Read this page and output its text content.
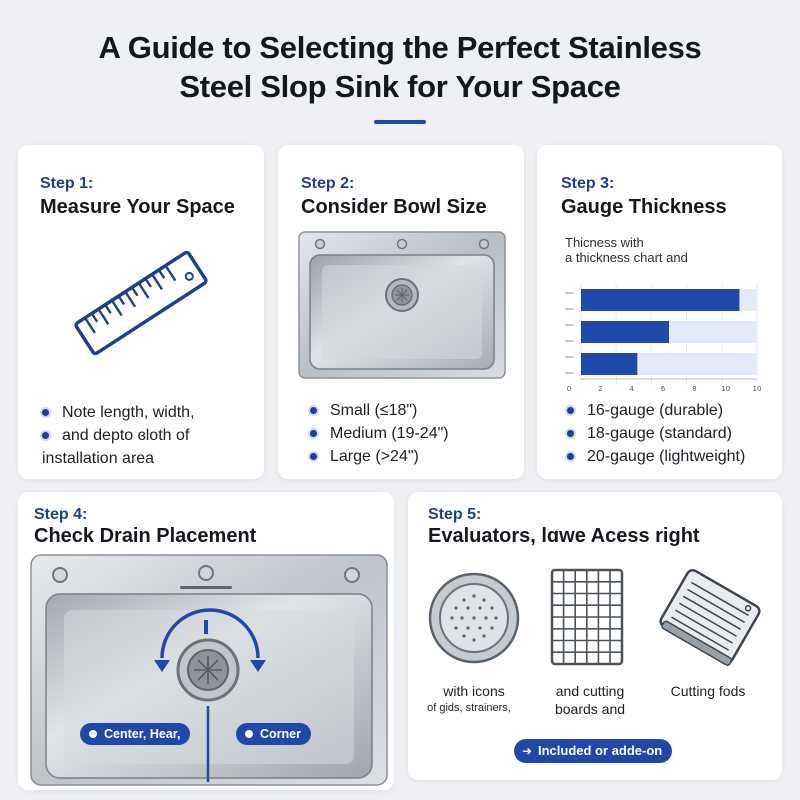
A Guide to Selecting the Perfect Stainless
Steel Slop Sink for Your Space
Step 1:
Measure Your Space
Note length, width,
and depto ɞloth of
installation area
Step 2:
Consider Bowl Size
Small (≤18")
Medium (19-24")
Large (>24")
Step 3:
Gauge Thickness
Thicness with
a thickness chart and
0	2	4	6	8	10	10
16-gauge (durable)
18-gauge (standard)
20-gauge (lightweight)
Step 4:
Check Drain Placement
Center, Hear,	Corner
Step 5:
Evaluators, lɑwe Acess right
with icons
of gids, strainers,
and cutting
boards and
Cutting fods
➜ Included or adde-on
